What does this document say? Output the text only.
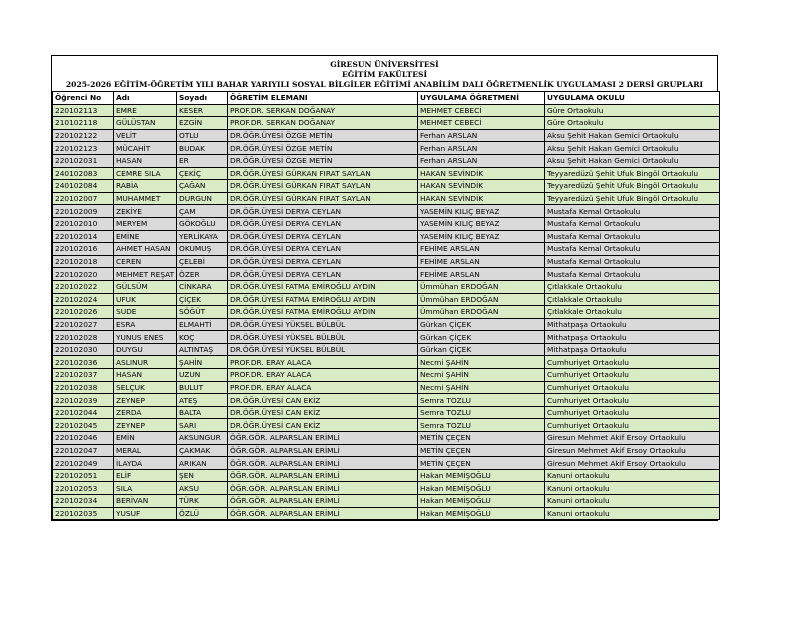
GİRESUN ÜNİVERSİTESİ
EĞİTİM FAKÜLTESİ
2025-2026 EĞİTİM-ÖĞRETİM YILI BAHAR YARIYILI SOSYAL BİLGİLER EĞİTİMİ ANABİLİM DALI ÖĞRETMENLİK UYGULAMASI 2 DERSİ GRUPLARI
Öğrenci No	Adı	Soyadı	ÖĞRETİM ELEMANI	UYGULAMA ÖĞRETMENİ	UYGULAMA OKULU
220102113	EMRE	KESER	PROF.DR. SERKAN DOĞANAY	MEHMET CEBECİ	Güre Ortaokulu
210102118	GÜLÜSTAN	EZGİN	PROF.DR. SERKAN DOĞANAY	MEHMET CEBECİ	Güre Ortaokulu
220102122	VELİT	OTLU	DR.ÖĞR.ÜYESİ ÖZGE METİN	Ferhan ARSLAN	Aksu Şehit Hakan Gemici Ortaokulu
220102123	MÜCAHİT	BUDAK	DR.ÖĞR.ÜYESİ ÖZGE METİN	Ferhan ARSLAN	Aksu Şehit Hakan Gemici Ortaokulu
220102031	HASAN	ER	DR.ÖĞR.ÜYESİ ÖZGE METİN	Ferhan ARSLAN	Aksu Şehit Hakan Gemici Ortaokulu
240102083	CEMRE SILA	ÇEKİÇ	DR.ÖĞR.ÜYESİ GÜRKAN FIRAT SAYLAN	HAKAN SEVİNDİK	Teyyaredüzü Şehit Ufuk Bingöl Ortaokulu
240102084	RABİA	ÇAĞAN	DR.ÖĞR.ÜYESİ GÜRKAN FIRAT SAYLAN	HAKAN SEVİNDİK	Teyyaredüzü Şehit Ufuk Bingöl Ortaokulu
220102007	MUHAMMET	DURGUN	DR.ÖĞR.ÜYESİ GÜRKAN FIRAT SAYLAN	HAKAN SEVİNDİK	Teyyaredüzü Şehit Ufuk Bingöl Ortaokulu
220102009	ZEKİYE	ÇAM	DR.ÖĞR.ÜYESİ DERYA CEYLAN	YASEMİN KILIÇ BEYAZ	Mustafa Kemal Ortaokulu
220102010	MERYEM	GÖKOĞLU	DR.ÖĞR.ÜYESİ DERYA CEYLAN	YASEMİN KILIÇ BEYAZ	Mustafa Kemal Ortaokulu
220102014	EMİNE	YERLİKAYA	DR.ÖĞR.ÜYESİ DERYA CEYLAN	YASEMİN KILIÇ BEYAZ	Mustafa Kemal Ortaokulu
220102016	AHMET HASAN	OKUMUŞ	DR.ÖĞR.ÜYESİ DERYA CEYLAN	FEHİME ARSLAN	Mustafa Kemal Ortaokulu
220102018	CEREN	ÇELEBİ	DR.ÖĞR.ÜYESİ DERYA CEYLAN	FEHİME ARSLAN	Mustafa Kemal Ortaokulu
220102020	MEHMET REŞAT	ÖZER	DR.ÖĞR.ÜYESİ DERYA CEYLAN	FEHİME ARSLAN	Mustafa Kemal Ortaokulu
220102022	GÜLSÜM	CİNKARA	DR.ÖĞR.ÜYESİ FATMA EMİROĞLU AYDIN	Ümmühan ERDOĞAN	Çıtlakkale Ortaokulu
220102024	UFUK	ÇİÇEK	DR.ÖĞR.ÜYESİ FATMA EMİROĞLU AYDIN	Ümmühan ERDOĞAN	Çıtlakkale Ortaokulu
220102026	SUDE	SÖĞÜT	DR.ÖĞR.ÜYESİ FATMA EMİROĞLU AYDIN	Ümmühan ERDOĞAN	Çıtlakkale Ortaokulu
220102027	ESRA	ELMAHTİ	DR.ÖĞR.ÜYESİ YÜKSEL BÜLBÜL	Gürkan ÇİÇEK	Mithatpaşa Ortaokulu
220102028	YUNUS ENES	KOÇ	DR.ÖĞR.ÜYESİ YÜKSEL BÜLBÜL	Gürkan ÇİÇEK	Mithatpaşa Ortaokulu
220102030	DUYGU	ALTINTAŞ	DR.ÖĞR.ÜYESİ YÜKSEL BÜLBÜL	Gürkan ÇİÇEK	Mithatpaşa Ortaokulu
220102036	ASLINUR	ŞAHİN	PROF.DR. ERAY ALACA	Necmi ŞAHİN	Cumhuriyet Ortaokulu
220102037	HASAN	UZUN	PROF.DR. ERAY ALACA	Necmi ŞAHİN	Cumhuriyet Ortaokulu
220102038	SELÇUK	BULUT	PROF.DR. ERAY ALACA	Necmi ŞAHİN	Cumhuriyet Ortaokulu
220102039	ZEYNEP	ATEŞ	DR.ÖĞR.ÜYESİ CAN EKİZ	Semra TOZLU	Cumhuriyet Ortaokulu
220102044	ZERDA	BALTA	DR.ÖĞR.ÜYESİ CAN EKİZ	Semra TOZLU	Cumhuriyet Ortaokulu
220102045	ZEYNEP	SARI	DR.ÖĞR.ÜYESİ CAN EKİZ	Semra TOZLU	Cumhuriyet Ortaokulu
220102046	EMİN	AKSUNGUR	ÖĞR.GÖR. ALPARSLAN ERİMLİ	METİN ÇEÇEN	Giresun Mehmet Akif Ersoy Ortaokulu
220102047	MERAL	ÇAKMAK	ÖĞR.GÖR. ALPARSLAN ERİMLİ	METİN ÇEÇEN	Giresun Mehmet Akif Ersoy Ortaokulu
220102049	İLAYDA	ARIKAN	ÖĞR.GÖR. ALPARSLAN ERİMLİ	METİN ÇEÇEN	Giresun Mehmet Akif Ersoy Ortaokulu
220102051	ELİF	ŞEN	ÖĞR.GÖR. ALPARSLAN ERİMLİ	Hakan MEMİŞOĞLU	Kanuni ortaokulu
220102053	SILA	AKSU	ÖĞR.GÖR. ALPARSLAN ERİMLİ	Hakan MEMİŞOĞLU	Kanuni ortaokulu
220102034	BERİVAN	TÜRK	ÖĞR.GÖR. ALPARSLAN ERİMLİ	Hakan MEMİŞOĞLU	Kanuni ortaokulu
220102035	YUSUF	ÖZLÜ	ÖĞR.GÖR. ALPARSLAN ERİMLİ	Hakan MEMİŞOĞLU	Kanuni ortaokulu
